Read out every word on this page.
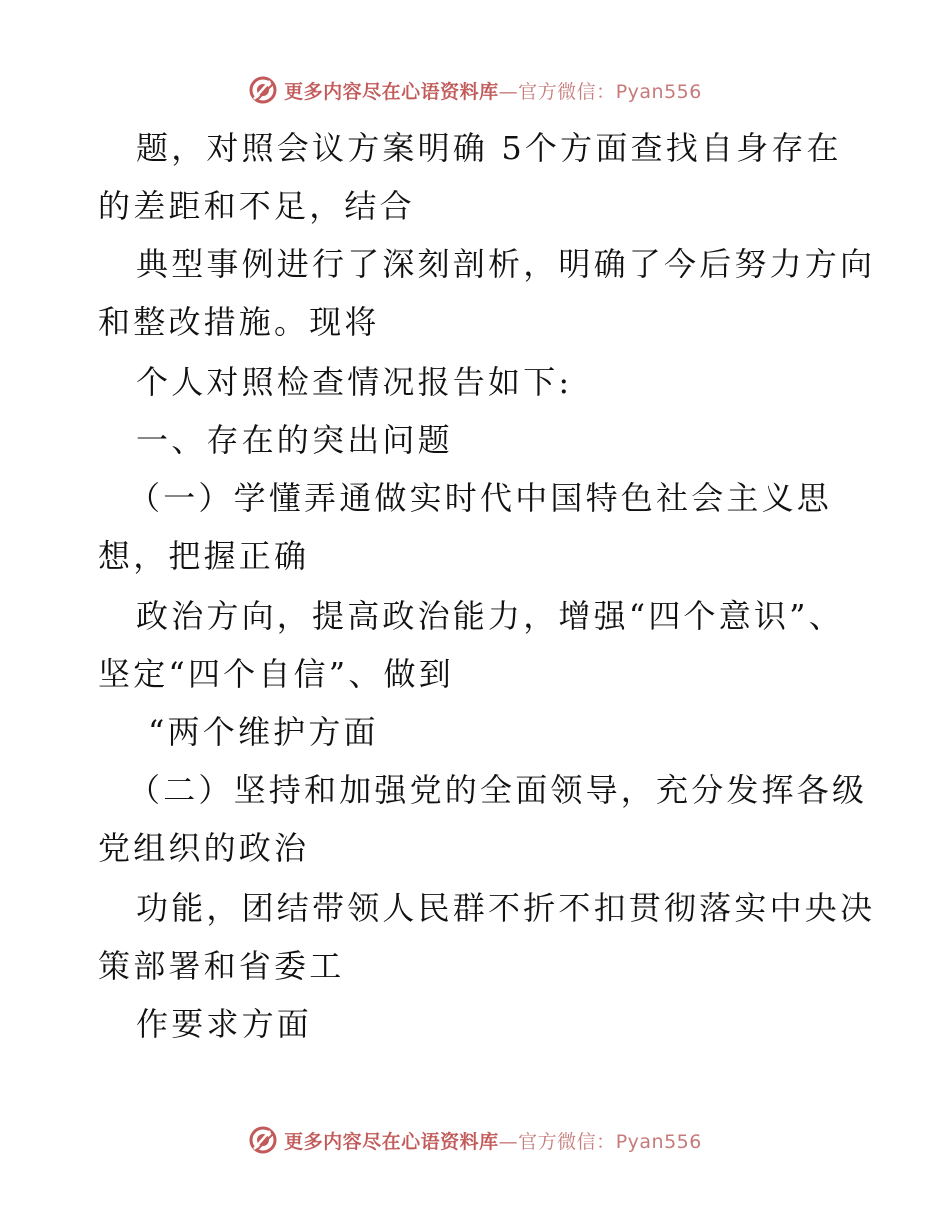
更多内容尽在心语资料库—官方微信：Pyan556
题，对照会议方案明确 5个方面查找自身存在
的差距和不足，结合
典型事例进行了深刻剖析，明确了今后努力方向
和整改措施。现将
个人对照检查情况报告如下:
一、存在的突出问题
（一）学懂弄通做实时代中国特色社会主义思
想，把握正确
政治方向，提高政治能力，增强“四个意识”、
坚定“四个自信”、做到
“两个维护方面
（二）坚持和加强党的全面领导，充分发挥各级
党组织的政治
功能，团结带领人民群不折不扣贯彻落实中央决
策部署和省委工
作要求方面
更多内容尽在心语资料库—官方微信：Pyan556
